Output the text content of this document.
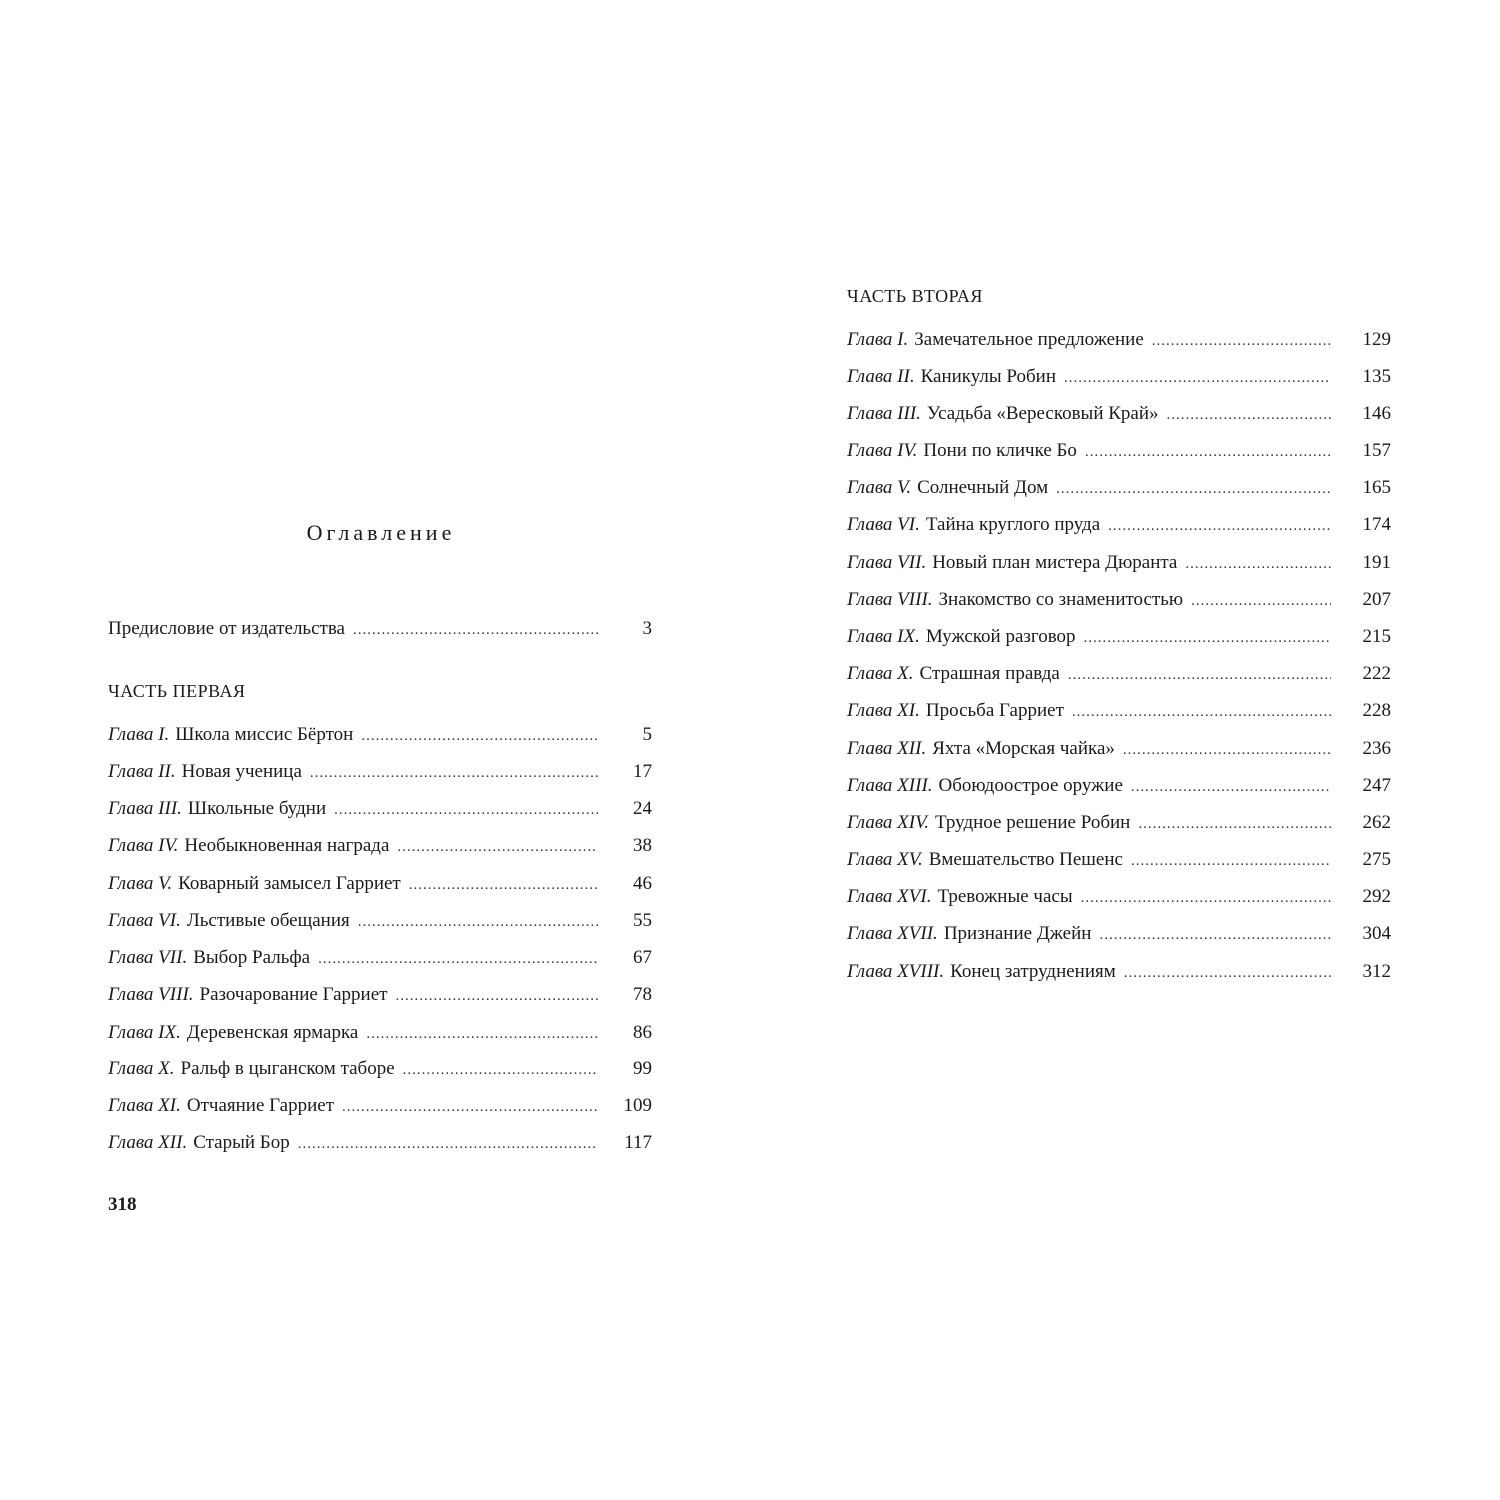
Оглавление
Предисловие от издательства .....	3
ЧАСТЬ ПЕРВАЯ
Глава I. Школа миссис Бёртон .....	5
Глава II. Новая ученица .....	17
Глава III. Школьные будни .....	24
Глава IV. Необыкновенная награда .....	38
Глава V. Коварный замысел Гарриет .....	46
Глава VI. Льстивые обещания .....	55
Глава VII. Выбор Ральфа .....	67
Глава VIII. Разочарование Гарриет .....	78
Глава IX. Деревенская ярмарка .....	86
Глава X. Ральф в цыганском таборе .....	99
Глава XI. Отчаяние Гарриет .....	109
Глава XII. Старый Бор .....	117
318
ЧАСТЬ ВТОРАЯ
Глава I. Замечательное предложение .....	129
Глава II. Каникулы Робин .....	135
Глава III. Усадьба «Вересковый Край» .....	146
Глава IV. Пони по кличке Бо .....	157
Глава V. Солнечный Дом .....	165
Глава VI. Тайна круглого пруда .....	174
Глава VII. Новый план мистера Дюранта .....	191
Глава VIII. Знакомство со знаменитостью .....	207
Глава IX. Мужской разговор .....	215
Глава X. Страшная правда .....	222
Глава XI. Просьба Гарриет .....	228
Глава XII. Яхта «Морская чайка» .....	236
Глава XIII. Обоюдоострое оружие .....	247
Глава XIV. Трудное решение Робин .....	262
Глава XV. Вмешательство Пешенс .....	275
Глава XVI. Тревожные часы .....	292
Глава XVII. Признание Джейн .....	304
Глава XVIII. Конец затруднениям .....	312
